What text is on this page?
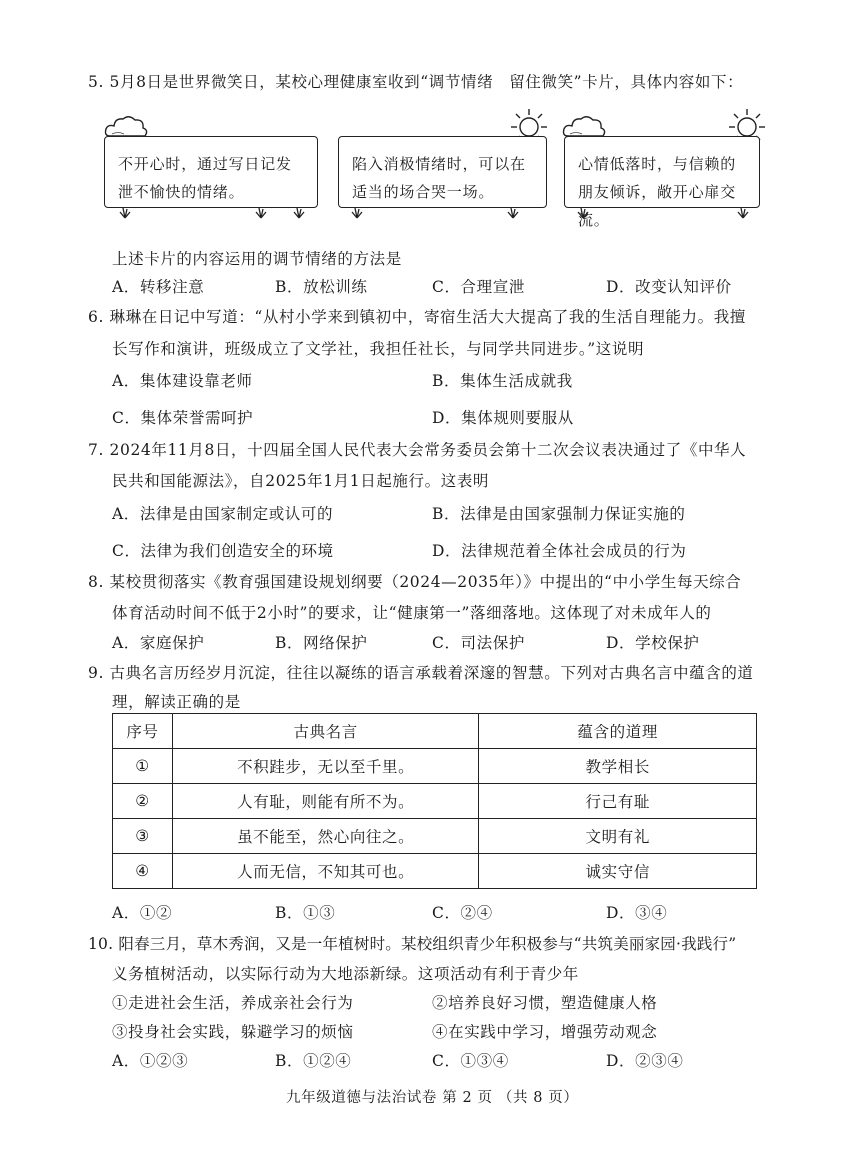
5. 5月8日是世界微笑日，某校心理健康室收到“调节情绪　留住微笑”卡片，具体内容如下：
不开心时，通过写日记发泄不愉快的情绪。
陷入消极情绪时，可以在适当的场合哭一场。
心情低落时，与信赖的朋友倾诉，敞开心扉交流。
上述卡片的内容运用的调节情绪的方法是
A．转移注意	B．放松训练	C．合理宣泄	D．改变认知评价
6. 琳琳在日记中写道：“从村小学来到镇初中，寄宿生活大大提高了我的生活自理能力。我擅
长写作和演讲，班级成立了文学社，我担任社长，与同学共同进步。”这说明
A．集体建设靠老师	B．集体生活成就我
C．集体荣誉需呵护	D．集体规则要服从
7. 2024年11月8日，十四届全国人民代表大会常务委员会第十二次会议表决通过了《中华人
民共和国能源法》，自2025年1月1日起施行。这表明
A．法律是由国家制定或认可的	B．法律是由国家强制力保证实施的
C．法律为我们创造安全的环境	D．法律规范着全体社会成员的行为
8. 某校贯彻落实《教育强国建设规划纲要（2024—2035年）》中提出的“中小学生每天综合
体育活动时间不低于2小时”的要求，让“健康第一”落细落地。这体现了对未成年人的
A．家庭保护	B．网络保护	C．司法保护	D．学校保护
9. 古典名言历经岁月沉淀，往往以凝练的语言承载着深邃的智慧。下列对古典名言中蕴含的道
理，解读正确的是
序号	古典名言	蕴含的道理
①	不积跬步，无以至千里。	教学相长
②	人有耻，则能有所不为。	行己有耻
③	虽不能至，然心向往之。	文明有礼
④	人而无信，不知其可也。	诚实守信
A．①②	B．①③	C．②④	D．③④
10. 阳春三月，草木秀润，又是一年植树时。某校组织青少年积极参与“共筑美丽家园·我践行”
义务植树活动，以实际行动为大地添新绿。这项活动有利于青少年
①走进社会生活，养成亲社会行为	②培养良好习惯，塑造健康人格
③投身社会实践，躲避学习的烦恼	④在实践中学习，增强劳动观念
A．①②③	B．①②④	C．①③④	D．②③④
九年级道德与法治试卷 第 2 页 （共 8 页）
